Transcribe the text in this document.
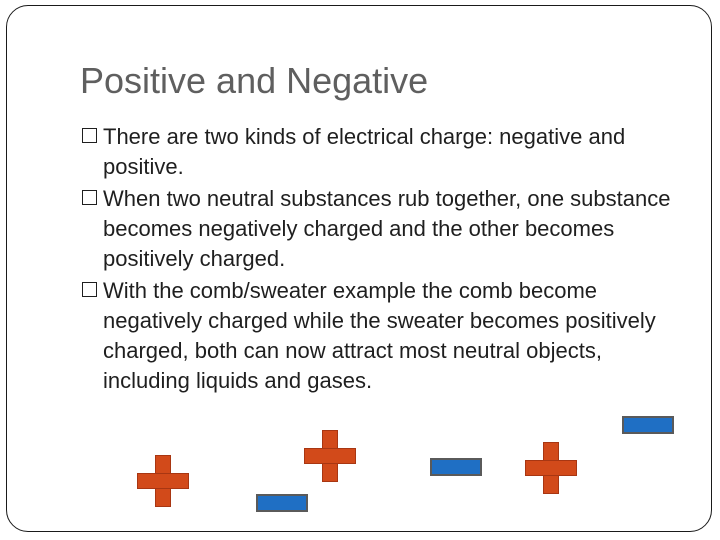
Positive and Negative
There are two kinds of electrical charge: negative and positive.
When two neutral substances rub together, one substance becomes negatively charged and the other becomes positively charged.
With the comb/sweater example the comb become negatively charged while the sweater becomes positively charged, both can now attract most neutral objects, including liquids and gases.
